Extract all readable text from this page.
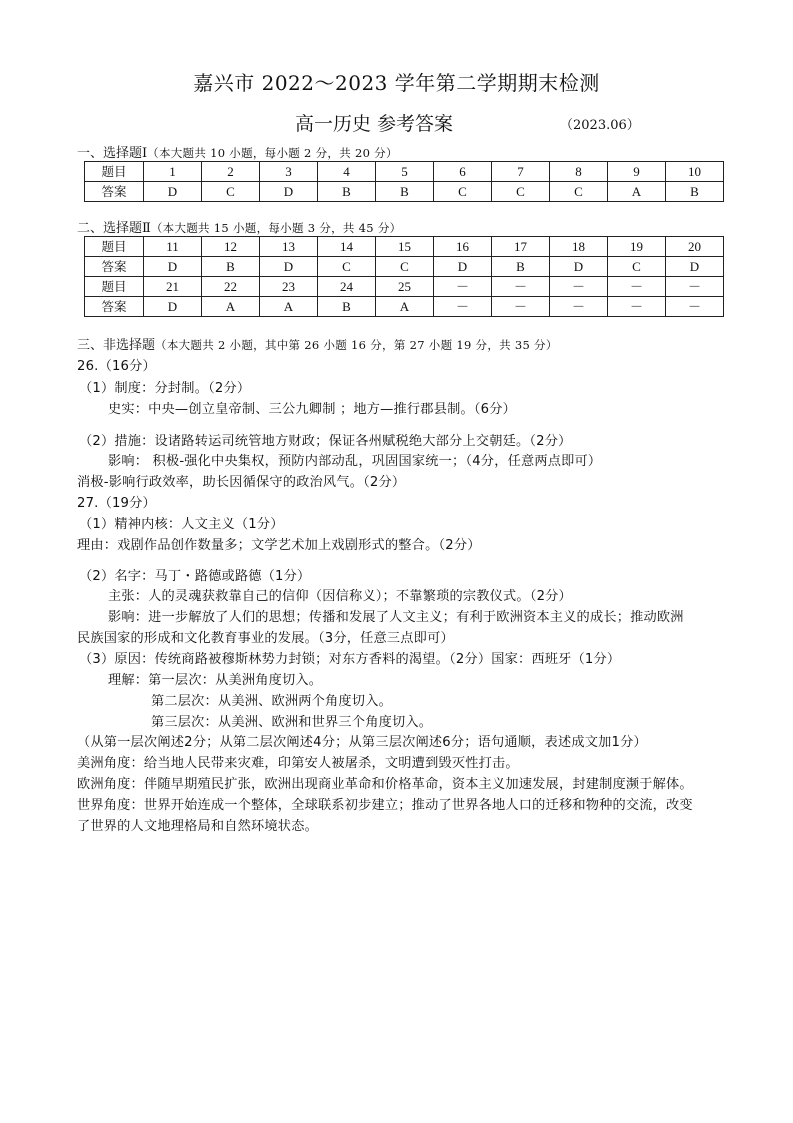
嘉兴市 2022～2023 学年第二学期期末检测
高一历史 参考答案	（2023.06）
一、选择题Ⅰ（本大题共 10 小题，每小题 2 分，共 20 分）
题目	1	2	3	4	5	6	7	8	9	10
答案	D	C	D	B	B	C	C	C	A	B
二、选择题Ⅱ（本大题共 15 小题，每小题 3 分，共 45 分）
题目	11	12	13	14	15	16	17	18	19	20
答案	D	B	D	C	C	D	B	D	C	D
题目	21	22	23	24	25	－	－	－	－	－
答案	D	A	A	B	A	－	－	－	－	－
三、非选择题（本大题共 2 小题，其中第 26 小题 16 分，第 27 小题 19 分，共 35 分）
26.（16分）
（1）制度：分封制。（2分）
史实：中央—创立皇帝制、三公九卿制 ；地方—推行郡县制。（6分）
（2）措施：设诸路转运司统管地方财政；保证各州赋税绝大部分上交朝廷。（2分）
影响： 积极-强化中央集权，预防内部动乱，巩固国家统一；（4分，任意两点即可）
消极-影响行政效率，助长因循保守的政治风气。（2分）
27.（19分）
（1）精神内核：人文主义（1分）
理由：戏剧作品创作数量多；文学艺术加上戏剧形式的整合。（2分）
（2）名字：马丁・路德或路德（1分）
主张：人的灵魂获救靠自己的信仰（因信称义）；不靠繁琐的宗教仪式。（2分）
影响：进一步解放了人们的思想；传播和发展了人文主义；有利于欧洲资本主义的成长；推动欧洲
民族国家的形成和文化教育事业的发展。（3分，任意三点即可）
（3）原因：传统商路被穆斯林势力封锁；对东方香料的渴望。（2分）国家：西班牙（1分）
理解：第一层次：从美洲角度切入。
第二层次：从美洲、欧洲两个角度切入。
第三层次：从美洲、欧洲和世界三个角度切入。
（从第一层次阐述2分；从第二层次阐述4分；从第三层次阐述6分；语句通顺，表述成文加1分）
美洲角度：给当地人民带来灾难，印第安人被屠杀，文明遭到毁灭性打击。
欧洲角度：伴随早期殖民扩张，欧洲出现商业革命和价格革命，资本主义加速发展，封建制度濒于解体。
世界角度：世界开始连成一个整体，全球联系初步建立；推动了世界各地人口的迁移和物种的交流，改变
了世界的人文地理格局和自然环境状态。
